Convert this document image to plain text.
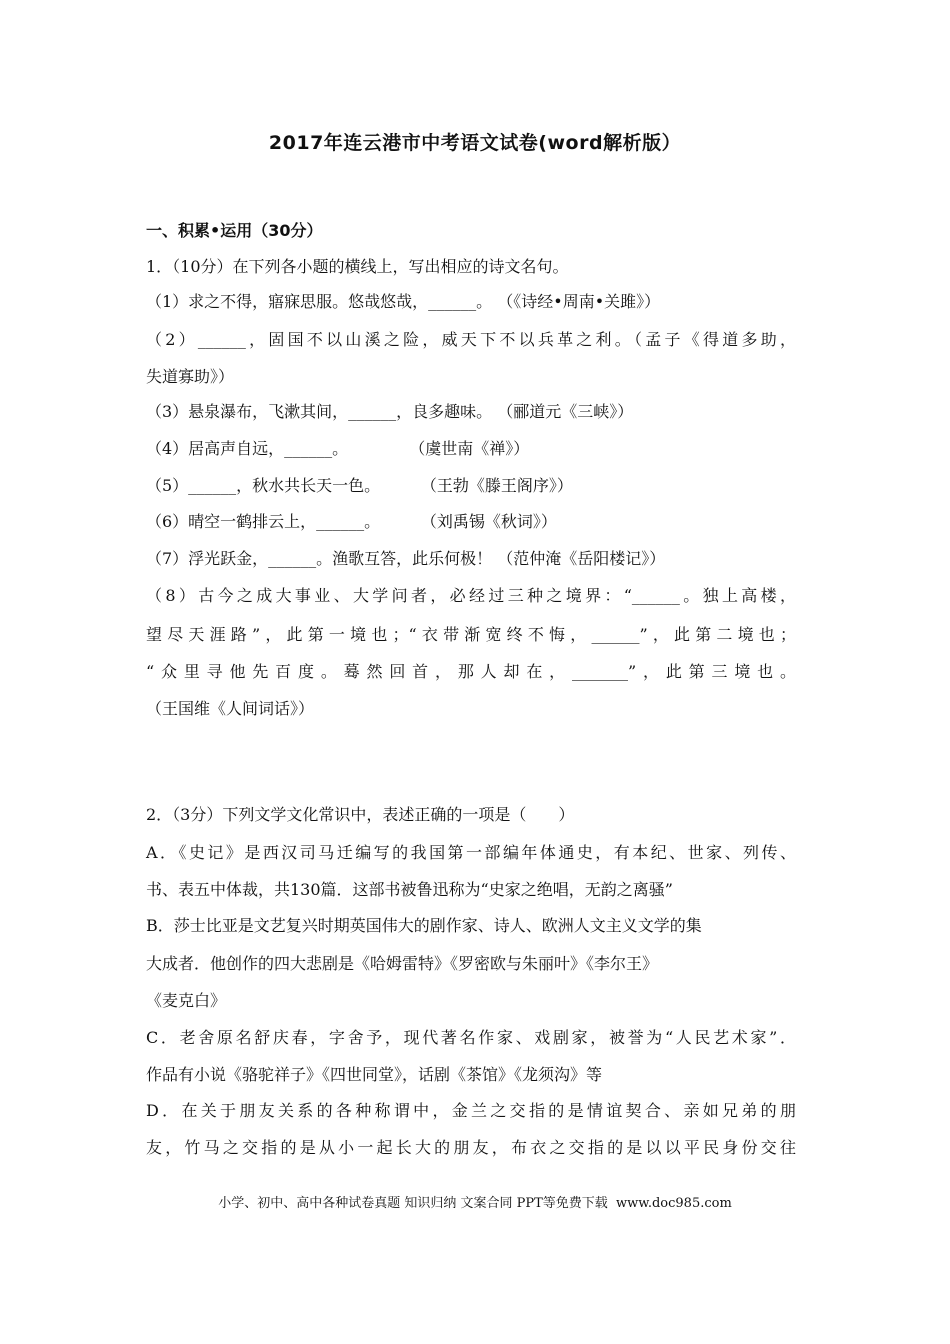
2017年连云港市中考语文试卷(word解析版）
一、积累•运用（30分）
1．（10分）在下列各小题的横线上，写出相应的诗文名句。
（1）求之不得，寤寐思服。悠哉悠哉，______。 （《诗经•周南•关雎》）
（2）______，固国不以山溪之险，威天下不以兵革之利。（孟子《得道多助，
失道寡助》）
（3）悬泉瀑布，飞漱其间，______，良多趣味。 （郦道元《三峡》）
（4）居高声自远，______。            （虞世南《禅》）
（5）______，秋水共长天一色。        （王勃《滕王阁序》）
（6）晴空一鹤排云上，______。        （刘禹锡《秋词》）
（7）浮光跃金，______。渔歌互答，此乐何极！ （范仲淹《岳阳楼记》）
（8）古今之成大事业、大学问者，必经过三种之境界：“______。独上高楼，
望尽天涯路”，此第一境也；“衣带渐宽终不悔，______”，此第二境也；
“众里寻他先百度。蓦然回首，那人却在，_______”，此第三境也。
（王国维《人间词话》）
2．（3分）下列文学文化常识中，表述正确的一项是（　　）
A．《史记》是西汉司马迁编写的我国第一部编年体通史，有本纪、世家、列传、
书、表五中体裁，共130篇．这部书被鲁迅称为“史家之绝唱，无韵之离骚”
B．莎士比亚是文艺复兴时期英国伟大的剧作家、诗人、欧洲人文主义文学的集
大成者．他创作的四大悲剧是《哈姆雷特》《罗密欧与朱丽叶》《李尔王》
《麦克白》
C．老舍原名舒庆春，字舍予，现代著名作家、戏剧家，被誉为“人民艺术家”．
作品有小说《骆驼祥子》《四世同堂》，话剧《茶馆》《龙须沟》等
D．在关于朋友关系的各种称谓中，金兰之交指的是情谊契合、亲如兄弟的朋
友，竹马之交指的是从小一起长大的朋友，布衣之交指的是以以平民身份交往
小学、初中、高中各种试卷真题 知识归纳 文案合同 PPT等免费下载  www.doc985.com
